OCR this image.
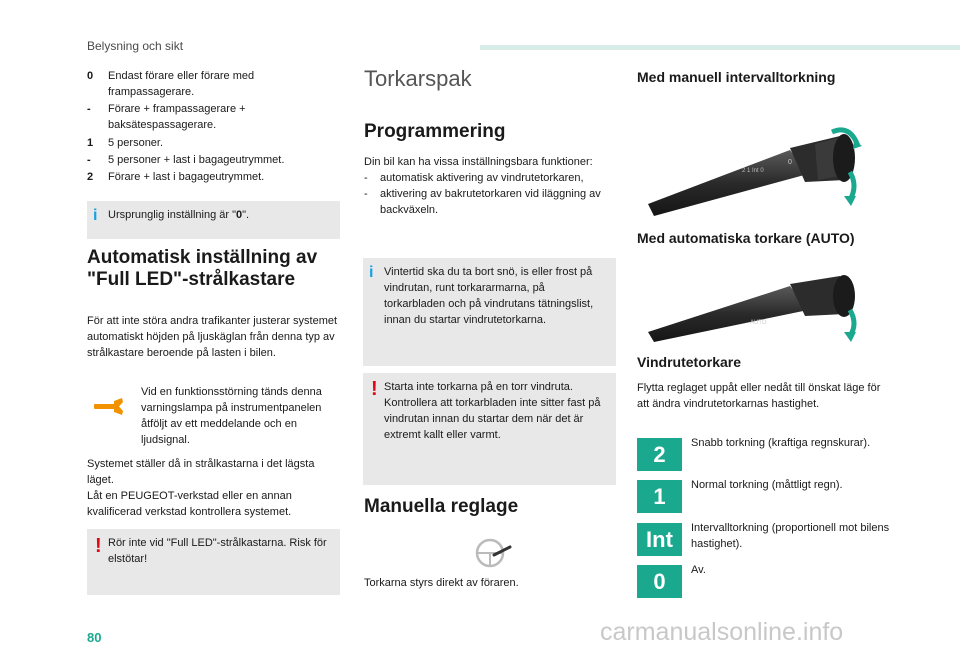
Belysning och sikt
0 Endast förare eller förare med frampassagerare.
- Förare + frampassagerare + baksätespassagerare.
1 5 personer.
- 5 personer + last i bagageutrymmet.
2 Förare + last i bagageutrymmet.
i Ursprunglig inställning är "0".
Automatisk inställning av
"Full LED"-strålkastare
För att inte störa andra trafikanter justerar systemet automatiskt höjden på ljuskäglan från denna typ av strålkastare beroende på lasten i bilen.
Vid en funktionsstörning tänds denna varningslampa på instrumentpanelen åtföljt av ett meddelande och en ljudsignal.
Systemet ställer då in strålkastarna i det lägsta läget.
Låt en PEUGEOT-verkstad eller en annan kvalificerad verkstad kontrollera systemet.
! Rör inte vid "Full LED"-strålkastarna. Risk för elstötar!
Torkarspak
Programmering
Din bil kan ha vissa inställningsbara funktioner:
- automatisk aktivering av vindrutetorkaren,
- aktivering av bakrutetorkaren vid iläggning av backväxeln.
i Vintertid ska du ta bort snö, is eller frost på vindrutan, runt torkararmarna, på torkarbladen och på vindrutans tätningslist, innan du startar vindrutetorkarna.
! Starta inte torkarna på en torr vindruta. Kontrollera att torkarbladen inte sitter fast på vindrutan innan du startar dem när det är extremt kallt eller varmt.
Manuella reglage
Torkarna styrs direkt av föraren.
Med manuell intervalltorkning
0
2 1 Int 0
Med automatiska torkare (AUTO)
AUTO
Vindrutetorkare
Flytta reglaget uppåt eller nedåt till önskat läge för att ändra vindrutetorkarnas hastighet.
2	Snabb torkning (kraftiga regnskurar).
1	Normal torkning (måttligt regn).
Int	Intervalltorkning (proportionell mot bilens hastighet).
0	Av.
80	carmanualsonline.info
